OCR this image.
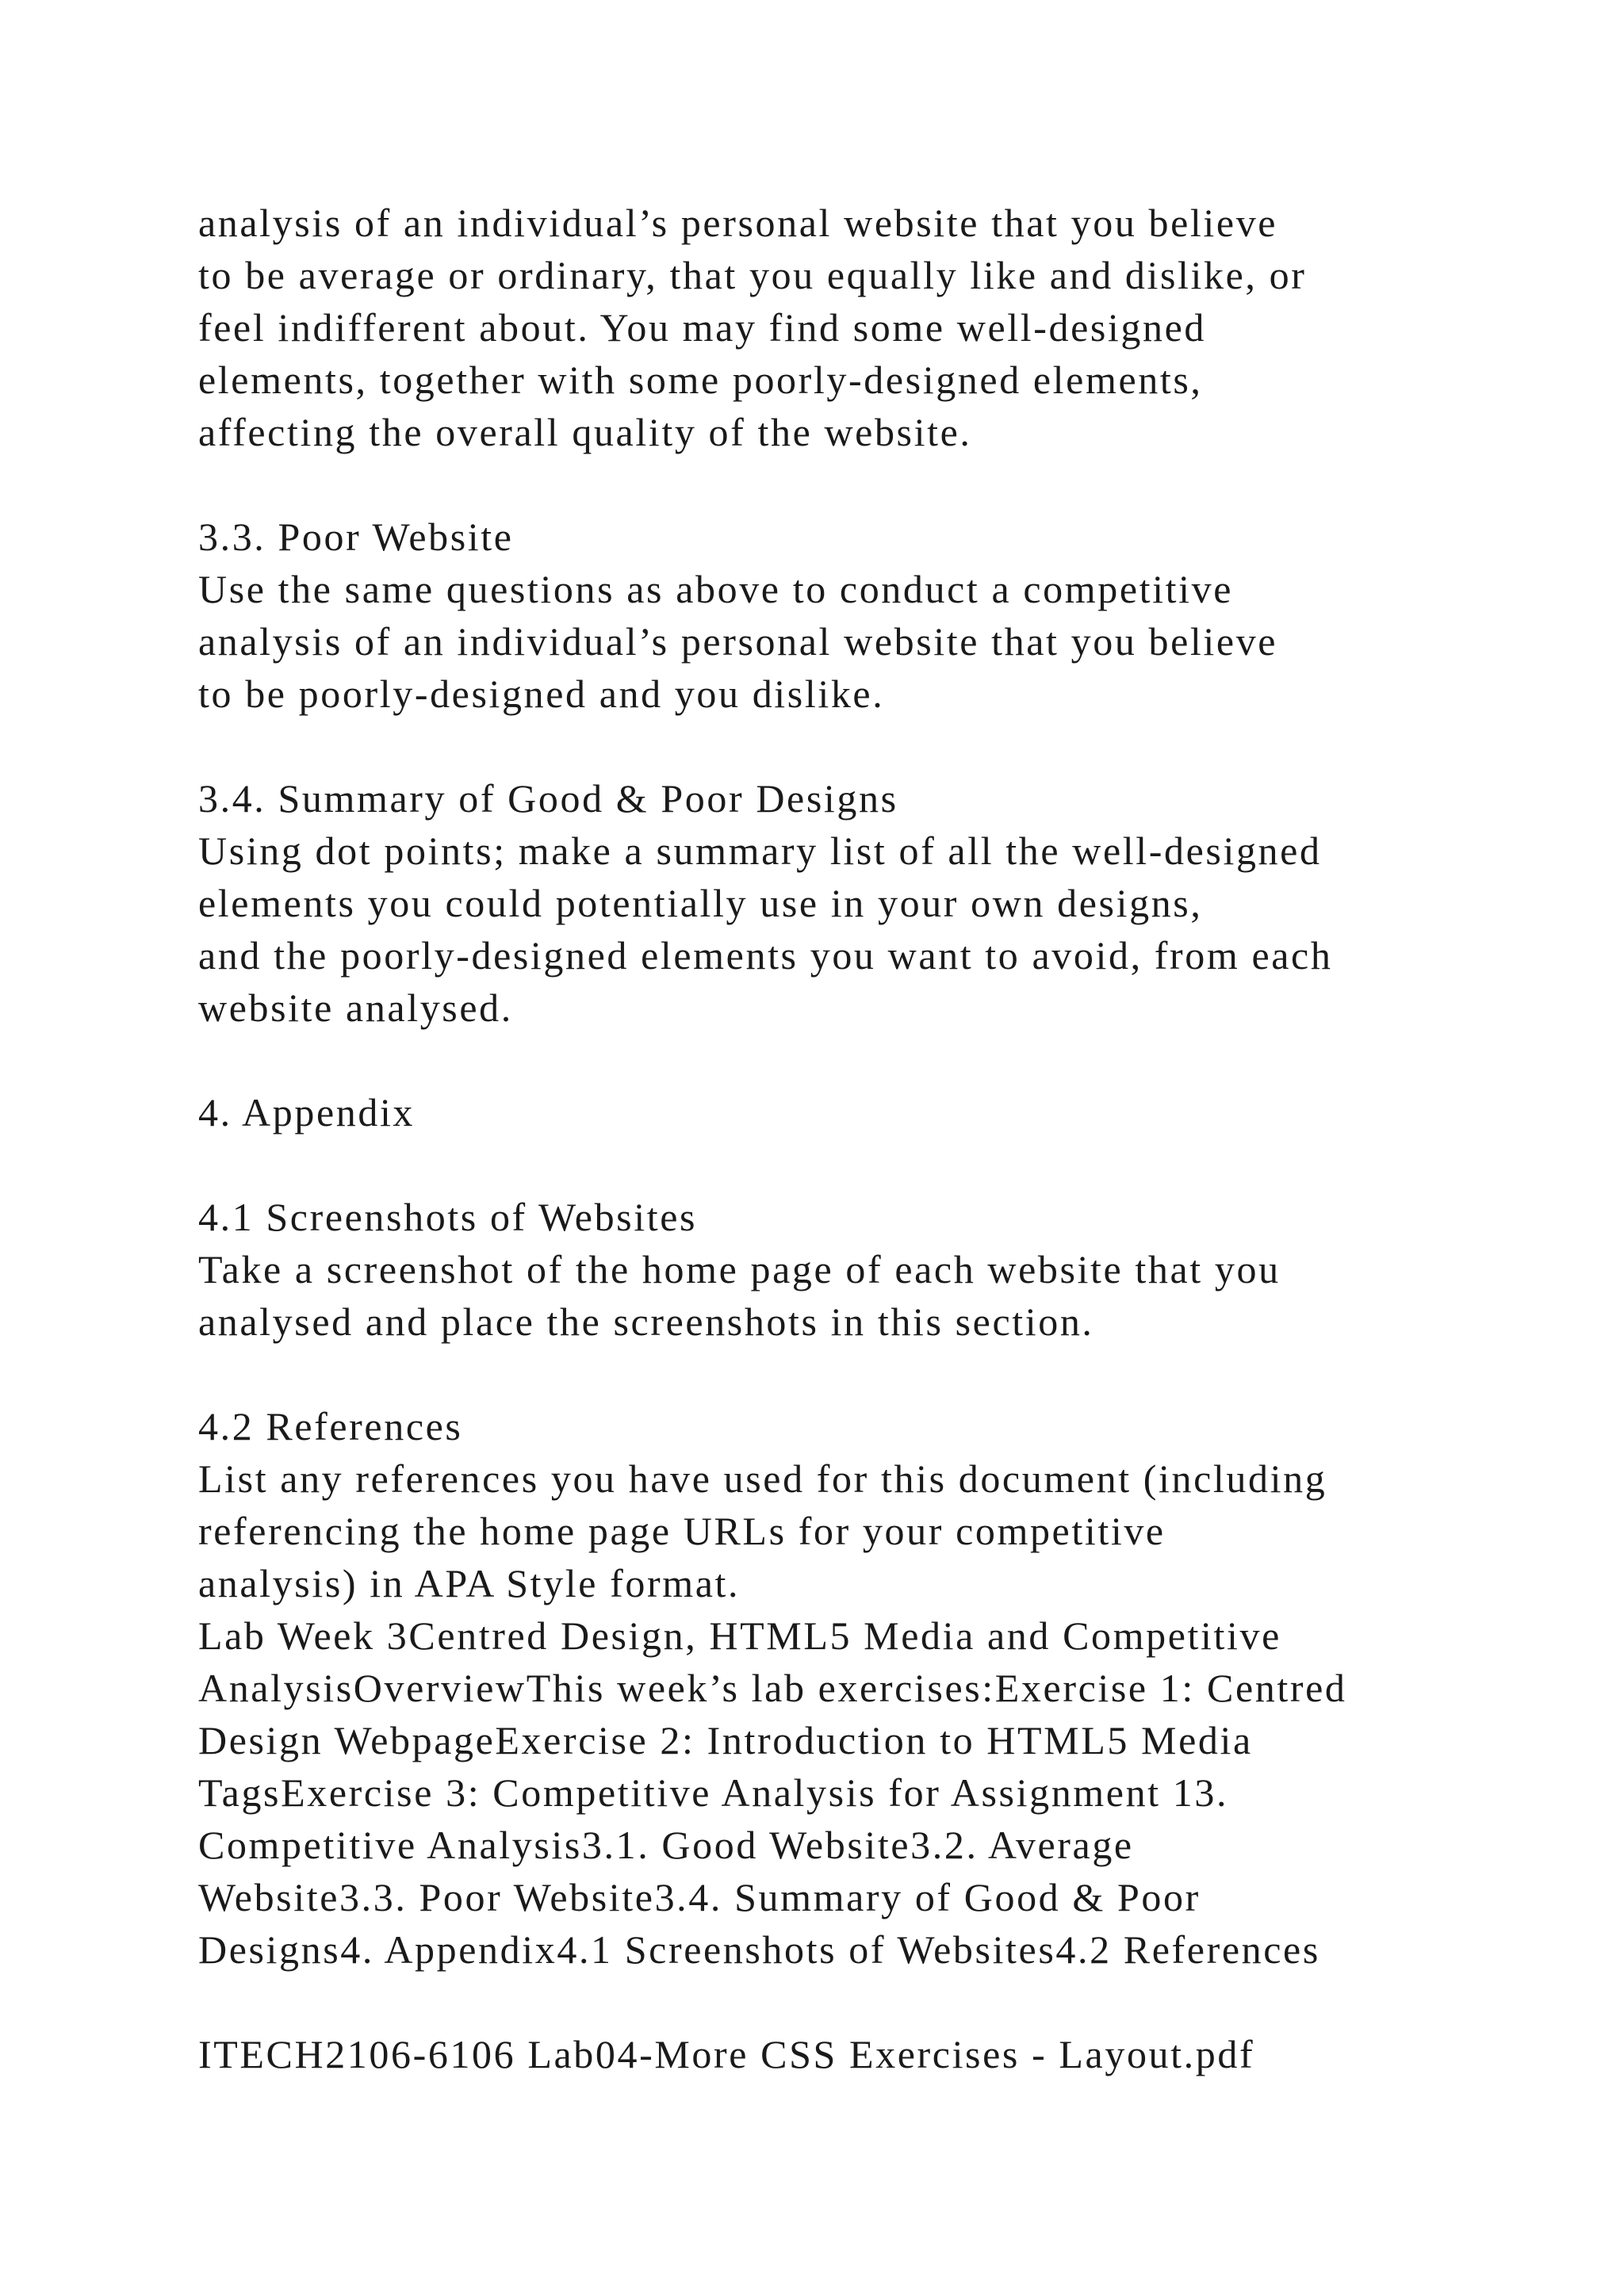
analysis of an individual’s personal website that you believe
to be average or ordinary, that you equally like and dislike, or
feel indifferent about. You may find some well-designed
elements, together with some poorly-designed elements,
affecting the overall quality of the website.
3.3. Poor Website
Use the same questions as above to conduct a competitive
analysis of an individual’s personal website that you believe
to be poorly-designed and you dislike.
3.4. Summary of Good & Poor Designs
Using dot points; make a summary list of all the well-designed
elements you could potentially use in your own designs,
and the poorly-designed elements you want to avoid, from each
website analysed.
4. Appendix
4.1 Screenshots of Websites
Take a screenshot of the home page of each website that you
analysed and place the screenshots in this section.
4.2 References
List any references you have used for this document (including
referencing the home page URLs for your competitive
analysis) in APA Style format.
Lab Week 3Centred Design, HTML5 Media and Competitive
AnalysisOverviewThis week’s lab exercises:Exercise 1: Centred
Design WebpageExercise 2: Introduction to HTML5 Media
TagsExercise 3: Competitive Analysis for Assignment 13.
Competitive Analysis3.1. Good Website3.2. Average
Website3.3. Poor Website3.4. Summary of Good & Poor
Designs4. Appendix4.1 Screenshots of Websites4.2 References
ITECH2106-6106 Lab04-More CSS Exercises - Layout.pdf
